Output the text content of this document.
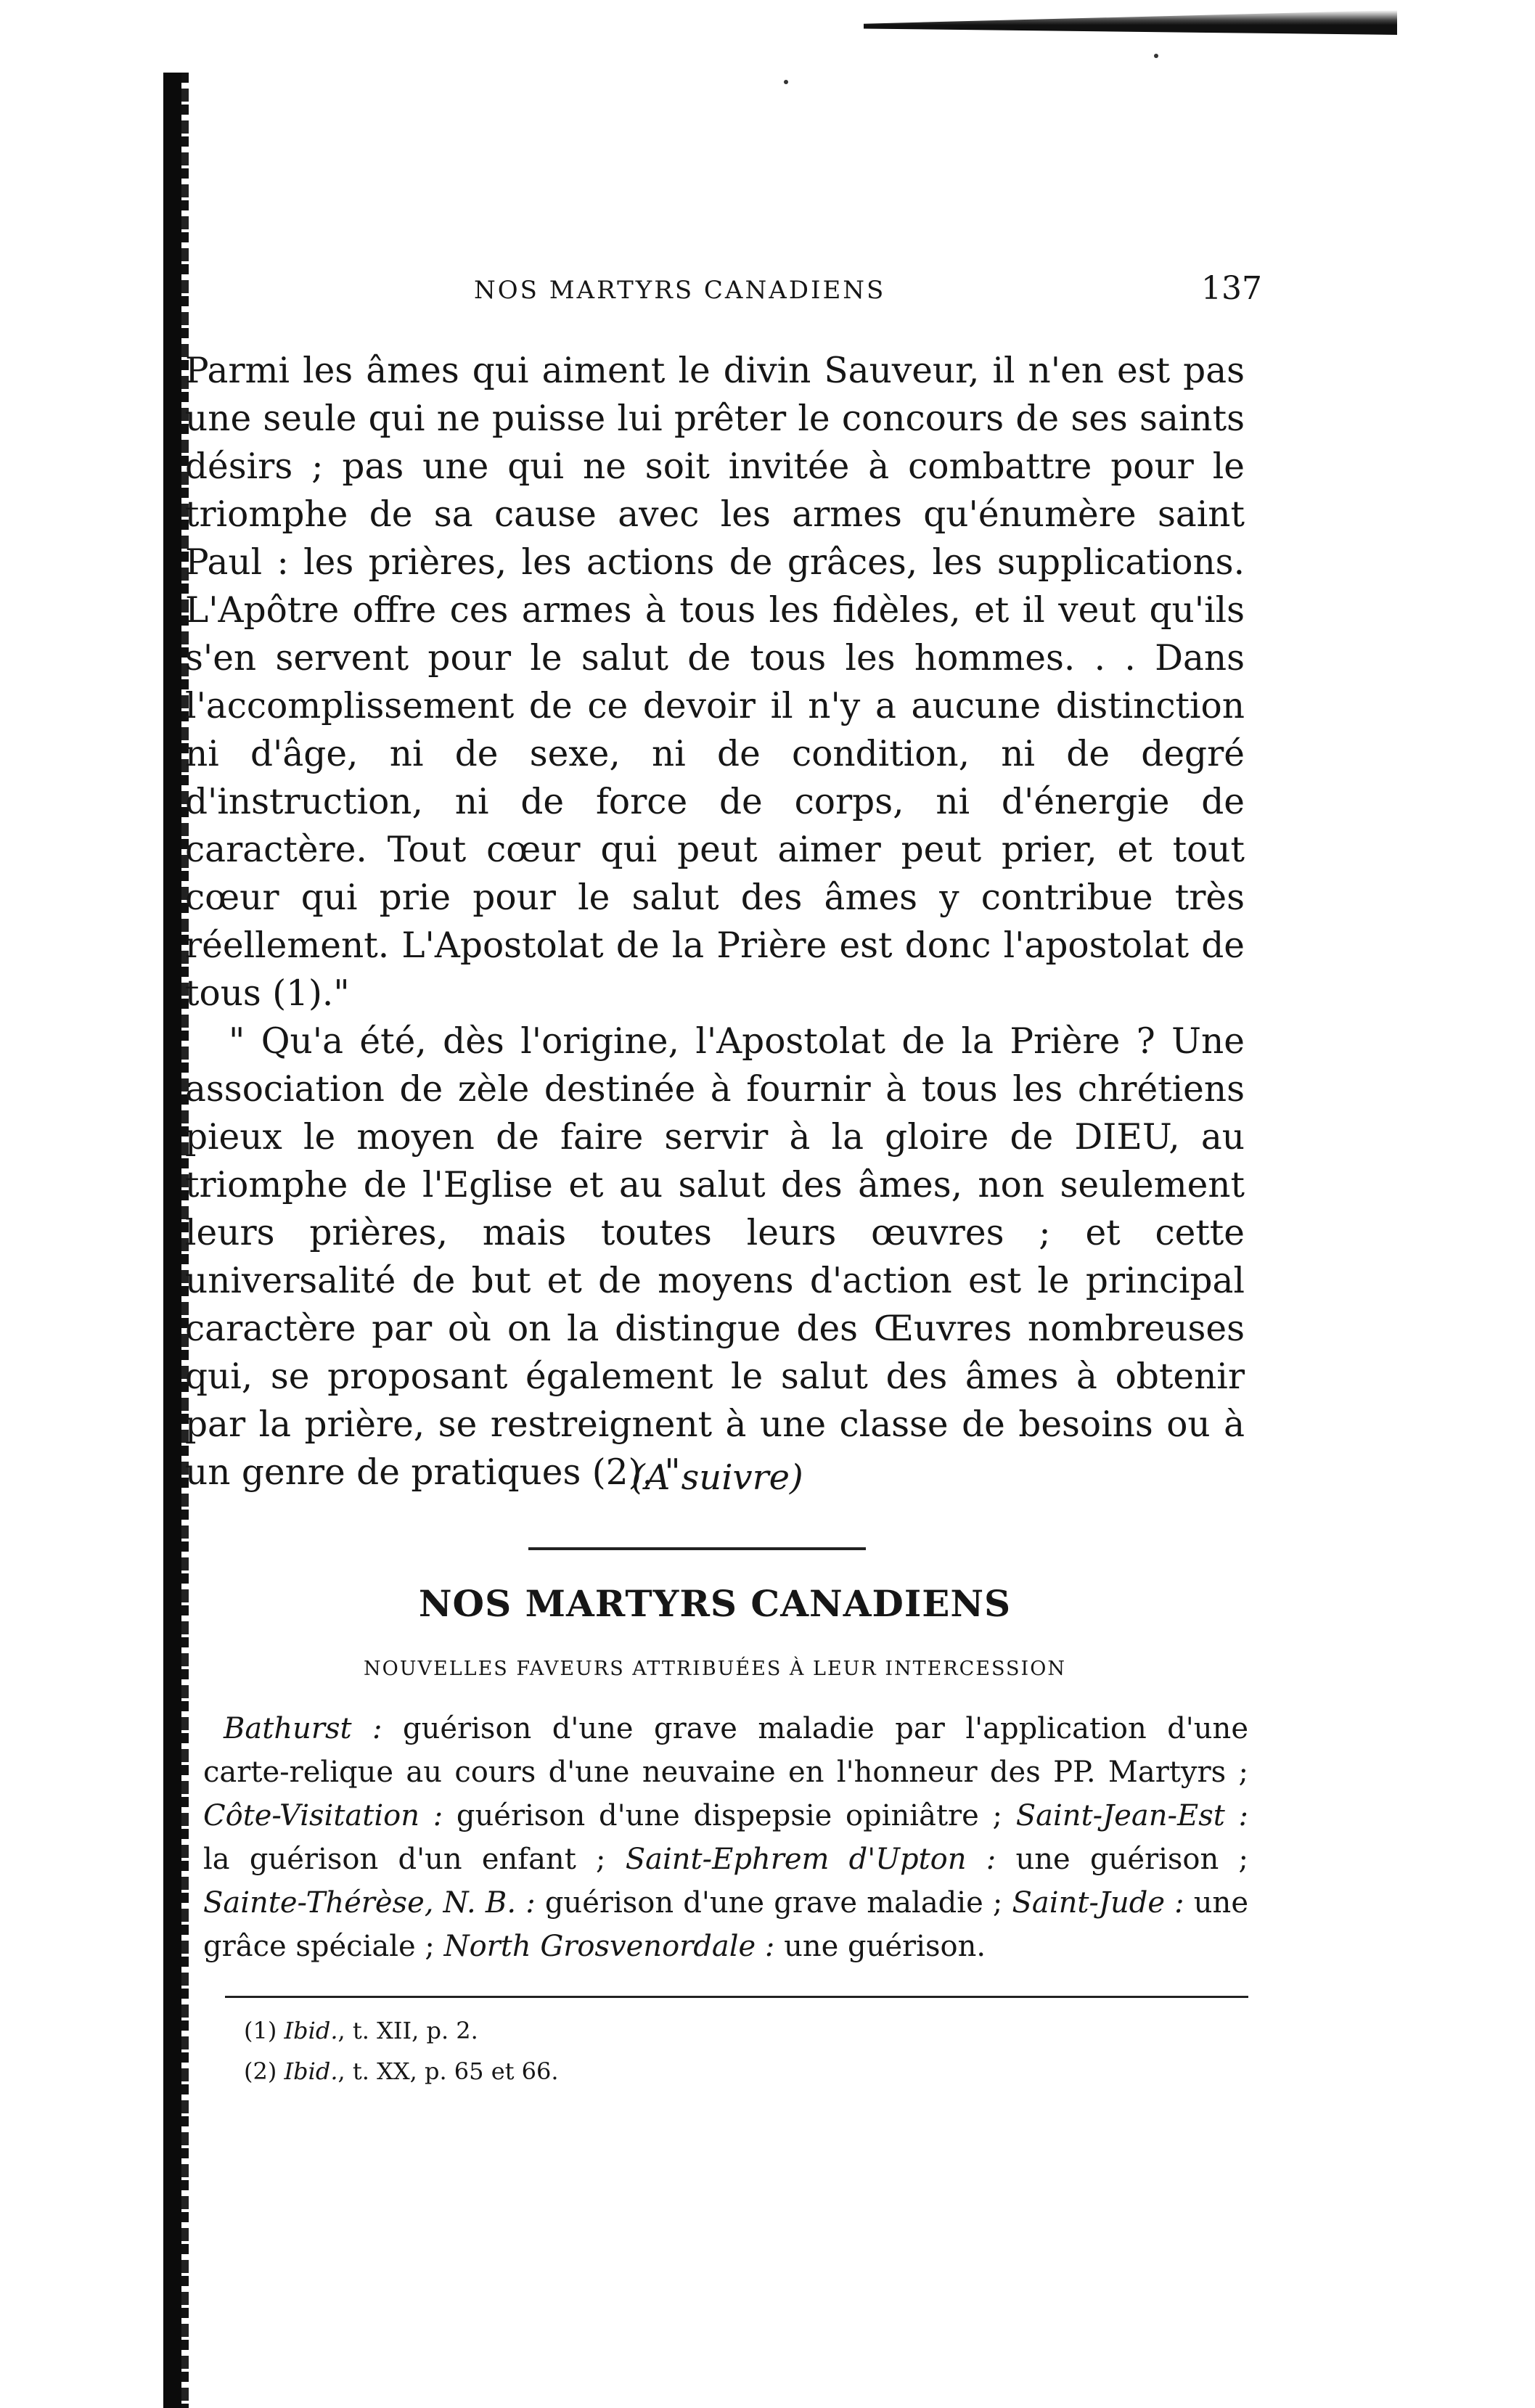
NOS MARTYRS CANADIENS	137

Parmi les âmes qui aiment le divin Sauveur, il n'en est pas une seule qui ne puisse lui prêter le concours de ses saints désirs ; pas une qui ne soit invitée à combattre pour le triomphe de sa cause avec les armes qu'énumère saint Paul : les prières, les actions de grâces, les supplications. L'Apôtre offre ces armes à tous les fidèles, et il veut qu'ils s'en servent pour le salut de tous les hommes. . . Dans l'accomplissement de ce devoir il n'y a aucune distinction ni d'âge, ni de sexe, ni de condition, ni de degré d'instruction, ni de force de corps, ni d'énergie de caractère. Tout cœur qui peut aimer peut prier, et tout cœur qui prie pour le salut des âmes y contribue très réellement. L'Apostolat de la Prière est donc l'apostolat de tous (1)."

" Qu'a été, dès l'origine, l'Apostolat de la Prière ? Une association de zèle destinée à fournir à tous les chrétiens pieux le moyen de faire servir à la gloire de DIEU, au triomphe de l'Eglise et au salut des âmes, non seulement leurs prières, mais toutes leurs œuvres ; et cette universalité de but et de moyens d'action est le principal caractère par où on la distingue des Œuvres nombreuses qui, se proposant également le salut des âmes à obtenir par la prière, se restreignent à une classe de besoins ou à un genre de pratiques (2). "

(A suivre)
NOS MARTYRS CANADIENS
NOUVELLES FAVEURS ATTRIBUÉES À LEUR INTERCESSION
Bathurst : guérison d'une grave maladie par l'application d'une carte-relique au cours d'une neuvaine en l'honneur des PP. Martyrs ; Côte-Visitation : guérison d'une dispepsie opiniâtre ; Saint-Jean-Est : la guérison d'un enfant ; Saint-Ephrem d'Upton : une guérison ; Sainte-Thérèse, N. B. : guérison d'une grave maladie ; Saint-Jude : une grâce spéciale ; North Grosvenordale : une guérison.
(1) Ibid., t. XII, p. 2.
(2) Ibid., t. XX, p. 65 et 66.
